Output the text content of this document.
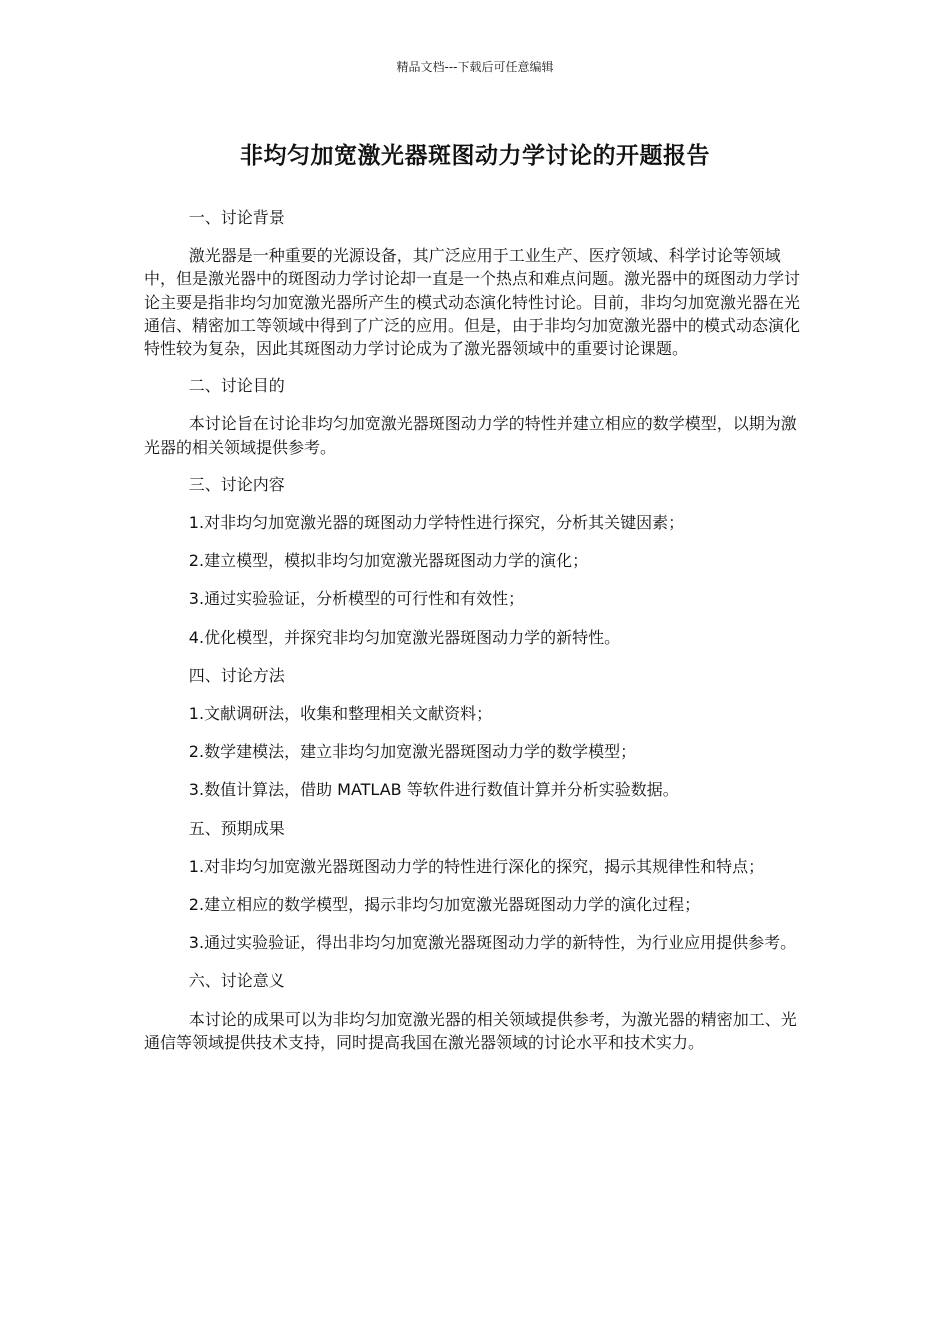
精品文档---下载后可任意编辑
非均匀加宽激光器斑图动力学讨论的开题报告

一、讨论背景

激光器是一种重要的光源设备，其广泛应用于工业生产、医疗领域、科学讨论等领域中，但是激光器中的斑图动力学讨论却一直是一个热点和难点问题。激光器中的斑图动力学讨论主要是指非均匀加宽激光器所产生的模式动态演化特性讨论。目前，非均匀加宽激光器在光通信、精密加工等领域中得到了广泛的应用。但是，由于非均匀加宽激光器中的模式动态演化特性较为复杂，因此其斑图动力学讨论成为了激光器领域中的重要讨论课题。

二、讨论目的

本讨论旨在讨论非均匀加宽激光器斑图动力学的特性并建立相应的数学模型，以期为激光器的相关领域提供参考。

三、讨论内容

1.对非均匀加宽激光器的斑图动力学特性进行探究，分析其关键因素；

2.建立模型，模拟非均匀加宽激光器斑图动力学的演化；

3.通过实验验证，分析模型的可行性和有效性；

4.优化模型，并探究非均匀加宽激光器斑图动力学的新特性。

四、讨论方法

1.文献调研法，收集和整理相关文献资料；

2.数学建模法，建立非均匀加宽激光器斑图动力学的数学模型；

3.数值计算法，借助 MATLAB 等软件进行数值计算并分析实验数据。

五、预期成果

1.对非均匀加宽激光器斑图动力学的特性进行深化的探究，揭示其规律性和特点；

2.建立相应的数学模型，揭示非均匀加宽激光器斑图动力学的演化过程；

3.通过实验验证，得出非均匀加宽激光器斑图动力学的新特性，为行业应用提供参考。

六、讨论意义

本讨论的成果可以为非均匀加宽激光器的相关领域提供参考，为激光器的精密加工、光通信等领域提供技术支持，同时提高我国在激光器领域的讨论水平和技术实力。
